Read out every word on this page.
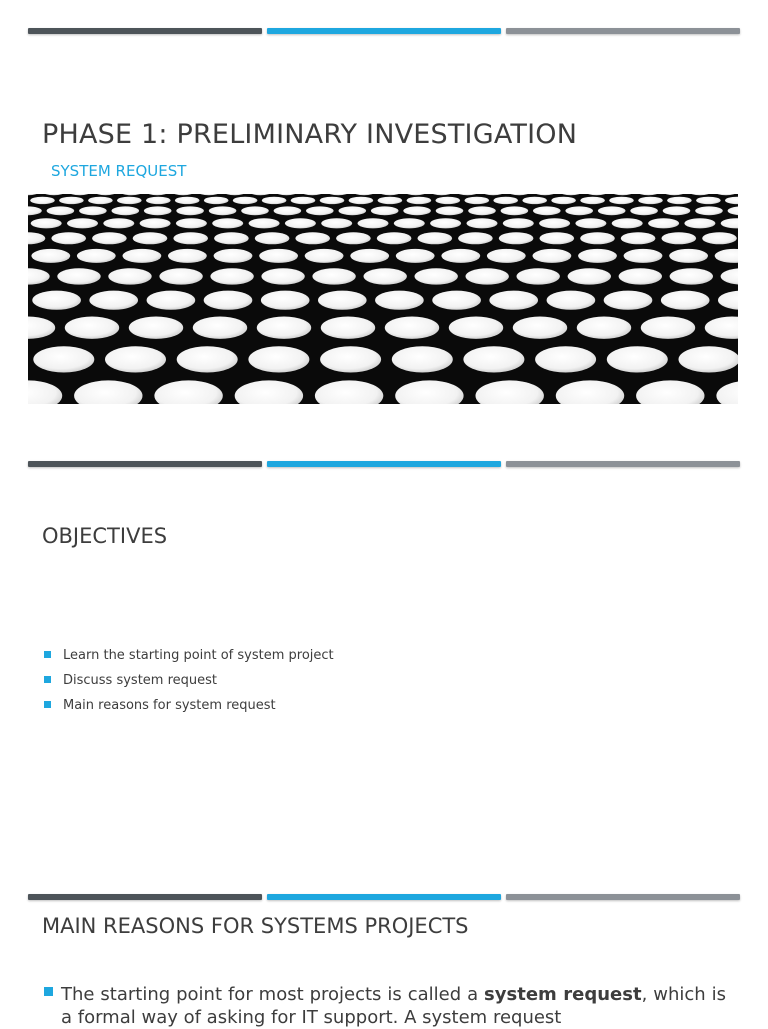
PHASE 1: PRELIMINARY INVESTIGATION
SYSTEM REQUEST
OBJECTIVES
Learn the starting point of system project
Discuss system request
Main reasons for system request
MAIN REASONS FOR SYSTEMS PROJECTS
The starting point for most projects is called a system request, which is a formal way of asking for IT support. A system request
